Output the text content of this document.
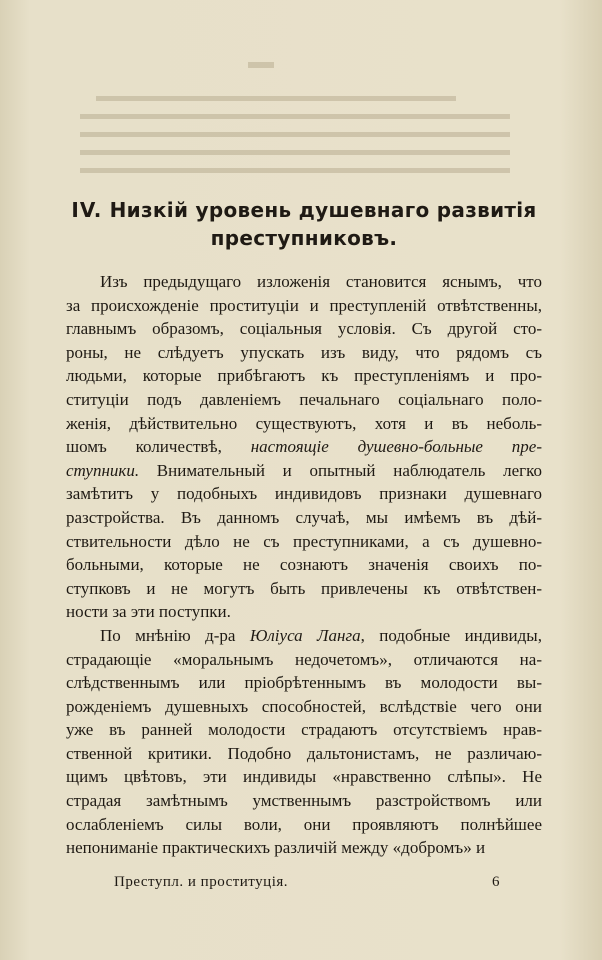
IV. Низкій уровень душевнаго развитія
преступниковъ.
Изъ предыдущаго изложенія становится яснымъ, что
за происхожденіе проституціи и преступленій отвѣтственны,
главнымъ образомъ, соціальныя условія. Съ другой сто-
роны, не слѣдуетъ упускать изъ виду, что рядомъ съ
людьми, которые прибѣгаютъ къ преступленіямъ и про-
ституціи подъ давленіемъ печальнаго соціальнаго поло-
женія, дѣйствительно существуютъ, хотя и въ неболь-
шомъ количествѣ, настоящіе душевно-больные пре-
ступники. Внимательный и опытный наблюдатель легко
замѣтитъ у подобныхъ индивидовъ признаки душевнаго
разстройства. Въ данномъ случаѣ, мы имѣемъ въ дѣй-
ствительности дѣло не съ преступниками, а съ душевно-
больными, которые не сознаютъ значенія своихъ по-
ступковъ и не могутъ быть привлечены къ отвѣтствен-
ности за эти поступки.
По мнѣнію д-ра Юліуса Ланга, подобные индивиды,
страдающіе «моральнымъ недочетомъ», отличаются на-
слѣдственнымъ или пріобрѣтеннымъ въ молодости вы-
рожденіемъ душевныхъ способностей, вслѣдствіе чего они
уже въ ранней молодости страдаютъ отсутствіемъ нрав-
ственной критики. Подобно дальтонистамъ, не различаю-
щимъ цвѣтовъ, эти индивиды «нравственно слѣпы». Не
страдая замѣтнымъ умственнымъ разстройствомъ или
ослабленіемъ силы воли, они проявляютъ полнѣйшее
непониманіе практическихъ различій между «добромъ» и
Преступл. и проституція.	6
